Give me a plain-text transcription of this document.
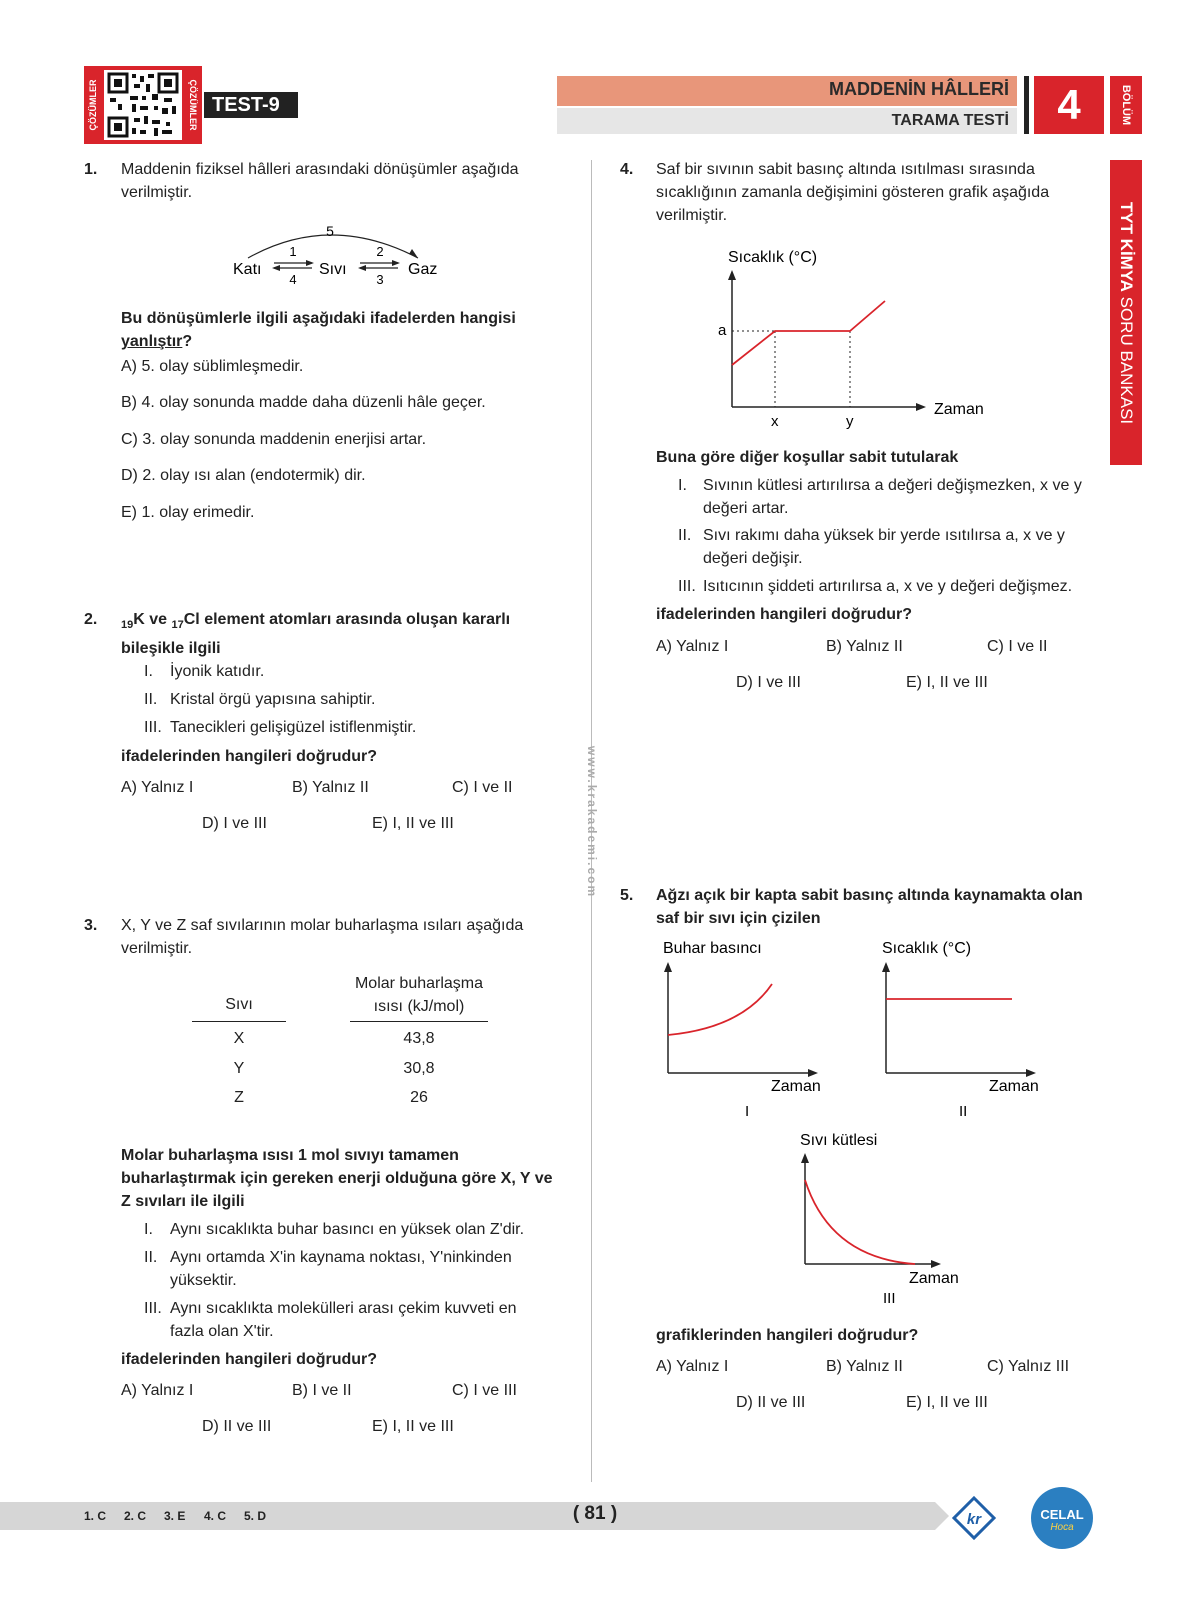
ÇÖZÜMLER	ÇÖZÜMLER TEST-9
MADDENİN HÂLLERİ
TARAMA TESTİ	4	BÖLÜM
TYT KİMYA SORU BANKASI
www.krakademi.com
1. Maddenin fiziksel hâlleri arasındaki dönüşümler aşağıda verilmiştir.
5
Katı
1
4
Sıvı
2
3
Gaz
Bu dönüşümlerle ilgili aşağıdaki ifadelerden hangisi yanlıştır?
A) 5. olay süblimleşmedir.
B) 4. olay sonunda madde daha düzenli hâle geçer.
C) 3. olay sonunda maddenin enerjisi artar.
D) 2. olay ısı alan (endotermik) dir.
E) 1. olay erimedir.
2. $_{19}$K ve $_{17}$Cl element atomları arasında oluşan kararlı
bileşikle ilgili
I. İyonik katıdır.
II. Kristal örgü yapısına sahiptir.
III. Tanecikleri gelişigüzel istiflenmiştir.
ifadelerinden hangileri doğrudur?
A) Yalnız I	B) Yalnız II	C) I ve II
D) I ve III	E) I, II ve III
3. X, Y ve Z saf sıvılarının molar buharlaşma ısıları aşağıda verilmiştir.
Sıvı
Molar buharlaşma
ısısı (kJ/mol)
X	43,8
Y	30,8
Z	26
Molar buharlaşma ısısı 1 mol sıvıyı tamamen buharlaştırmak için gereken enerji olduğuna göre X, Y ve Z sıvıları ile ilgili
I. Aynı sıcaklıkta buhar basıncı en yüksek olan Z'dir.
II. Aynı ortamda X'in kaynama noktası, Y'ninkinden yüksektir.
III. Aynı sıcaklıkta molekülleri arası çekim kuvveti en fazla olan X'tir.
ifadelerinden hangileri doğrudur?
A) Yalnız I	B) I ve II	C) I ve III
D) II ve III	E) I, II ve III
4. Saf bir sıvının sabit basınç altında ısıtılması sırasında sıcaklığının zamanla değişimini gösteren grafik aşağıda verilmiştir.
Sıcaklık (°C)
Zaman
a
x	y
Buna göre diğer koşullar sabit tutularak
I. Sıvının kütlesi artırılırsa a değeri değişmezken, x ve y değeri artar.
II. Sıvı rakımı daha yüksek bir yerde ısıtılırsa a, x ve y değeri değişir.
III. Isıtıcının şiddeti artırılırsa a, x ve y değeri değişmez.
ifadelerinden hangileri doğrudur?
A) Yalnız I	B) Yalnız II	C) I ve II
D) I ve III	E) I, II ve III
5. Ağzı açık bir kapta sabit basınç altında kaynamakta olan saf bir sıvı için çizilen
Buhar basıncı
Zaman
I
Sıcaklık (°C)
Zaman
II
Sıvı kütlesi
Zaman
III
grafiklerinden hangileri doğrudur?
A) Yalnız I	B) Yalnız II	C) Yalnız III
D) II ve III	E) I, II ve III
1. C 2. C 3. E 4. C 5. D	( 81 )	kr	CELAL
Hoca
